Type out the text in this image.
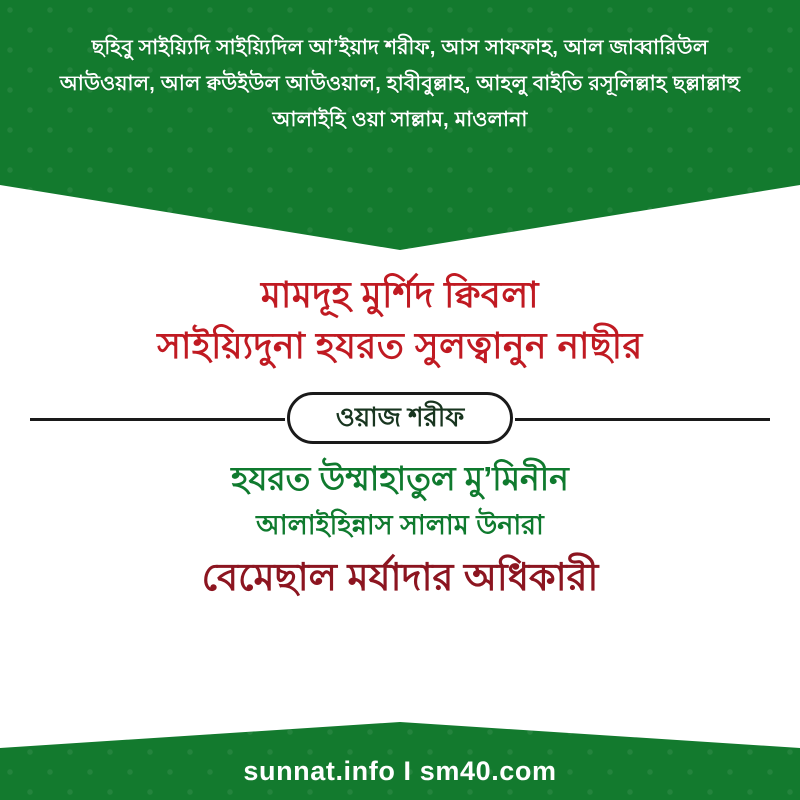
ছহিবু সাইয়্যিদি সাইয়্যিদিল আ’ইয়াদ শরীফ, আস সাফফাহ, আল জাব্বারিউল আউওয়াল, আল ক্বউইউল আউওয়াল, হাবীবুল্লাহ, আহলু বাইতি রসূলিল্লাহ ছল্লাল্লাহু আলাইহি ওয়া সাল্লাম, মাওলানা
মামদূহ মুর্শিদ ক্বিবলা
সাইয়্যিদুনা হযরত সুলত্বানুন নাছীর
ওয়াজ শরীফ
হযরত উম্মাহাতুল মু’মিনীন
আলাইহিন্নাস সালাম উনারা
বেমেছাল মর্যাদার অধিকারী
sunnat.info I sm40.com
